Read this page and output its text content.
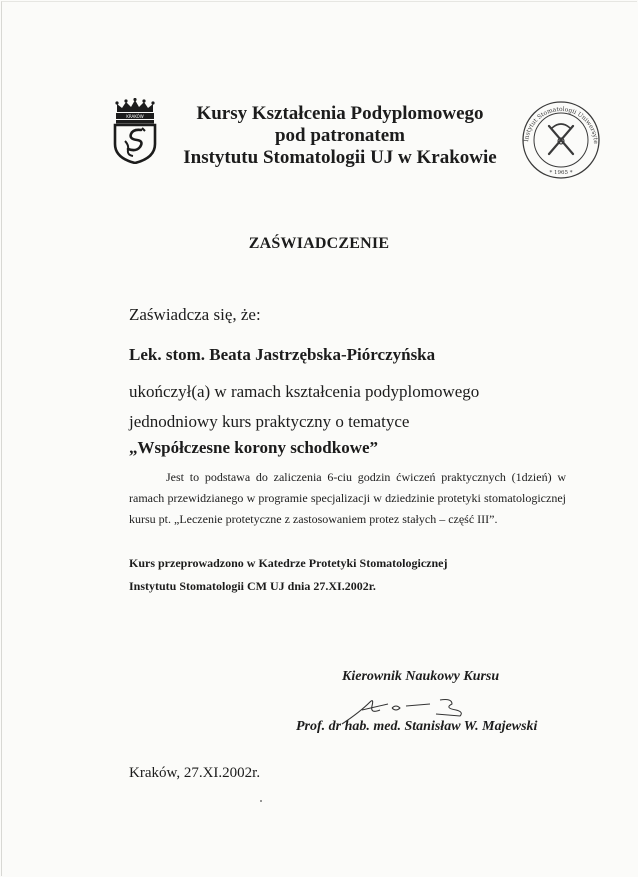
KRAKÓW
Instytut Stomatologii Uniwersyte
* 1965 *
Kursy Kształcenia Podyplomowego
pod patronatem
Instytutu Stomatologii UJ w Krakowie
ZAŚWIADCZENIE
Zaświadcza się, że:
Lek. stom. Beata Jastrzębska-Piórczyńska
ukończył(a) w ramach kształcenia podyplomowego
jednodniowy kurs praktyczny o tematyce
„Współczesne korony schodkowe”
Jest to podstawa do zaliczenia 6-ciu godzin ćwiczeń praktycznych (1dzień) w ramach przewidzianego w programie specjalizacji w dziedzinie protetyki stomatologicznej kursu pt. „Leczenie protetyczne z zastosowaniem protez stałych – część III”.
Kurs przeprowadzono w Katedrze Protetyki Stomatologicznej
Instytutu Stomatologii CM UJ dnia 27.XI.2002r.
Kierownik Naukowy Kursu
Prof. dr hab. med. Stanisław W. Majewski
Kraków, 27.XI.2002r.
